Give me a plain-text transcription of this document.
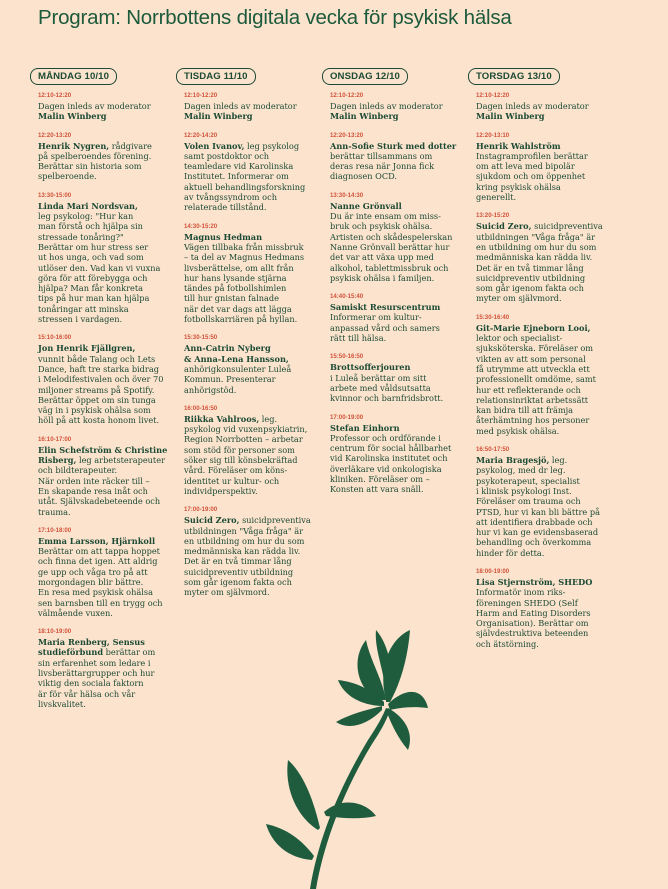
Program: Norrbottens digitala vecka för psykisk hälsa
MÅNDAG 10/10
12:10-12:20
Dagen inleds av moderator
Malin Winberg
12:20-13:20
Henrik Nygren, rådgivare
på spelberoendes förening.
Berättar sin historia som
spelberoende.
13:30-15:00
Linda Mari Nordsvan,
leg psykolog: "Hur kan
man förstå och hjälpa sin
stressade tonåring?"
Berättar om hur stress ser
ut hos unga, och vad som
utlöser den. Vad kan vi vuxna
göra för att förebygga och
hjälpa? Man får konkreta
tips på hur man kan hjälpa
tonåringar att minska
stressen i vardagen.
15:10-16:00
Jon Henrik Fjällgren,
vunnit både Talang och Lets
Dance, haft tre starka bidrag
i Melodifestivalen och över 70
miljoner streams på Spotify.
Berättar öppet om sin tunga
väg in i psykisk ohälsa som
höll på att kosta honom livet.
16:10-17:00
Elin Schefström & Christine
Risberg, leg arbetsterapeuter
och bildterapeuter.
När orden inte räcker till –
En skapande resa inåt och
utåt. Självskadebeteende och
trauma.
17:10-18:00
Emma Larsson, Hjärnkoll
Berättar om att tappa hoppet
och finna det igen. Att aldrig
ge upp och våga tro på att
morgondagen blir bättre.
En resa med psykisk ohälsa
sen barnsben till en trygg och
välmående vuxen.
18:10-19:00
Maria Renberg, Sensus
studieförbund berättar om
sin erfarenhet som ledare i
livsberättargrupper och hur
viktig den sociala faktorn
är för vår hälsa och vår
livskvalitet.
TISDAG 11/10
12:10-12:20
Dagen inleds av moderator
Malin Winberg
12:20-14:20
Volen Ivanov, leg psykolog
samt postdoktor och
teamledare vid Karolinska
Institutet. Informerar om
aktuell behandlingsforskning
av tvångssyndrom och
relaterade tillstånd.
14:30-15:20
Magnus Hedman
Vägen tillbaka från missbruk
– ta del av Magnus Hedmans
livsberättelse, om allt från
hur hans lysande stjärna
tändes på fotbollshimlen
till hur gnistan falnade
när det var dags att lägga
fotbollskarriären på hyllan.
15:30-15:50
Ann-Catrin Nyberg
& Anna-Lena Hansson,
anhörigkonsulenter Luleå
Kommun. Presenterar
anhörigstöd.
16:00-16:50
Riikka Vahlroos, leg.
psykolog vid vuxenpsykiatrin,
Region Norrbotten – arbetar
som stöd för personer som
söker sig till könsbekräftad
vård. Föreläser om köns-
identitet ur kultur- och
individperspektiv.
17:00-19:00
Suicid Zero, suicidpreventiva
utbildningen "Våga fråga" är
en utbildning om hur du som
medmänniska kan rädda liv.
Det är en två timmar lång
suicidpreventiv utbildning
som går igenom fakta och
myter om självmord.
ONSDAG 12/10
12:10-12:20
Dagen inleds av moderator
Malin Winberg
12:20-13:20
Ann-Sofie Sturk med dotter
berättar tillsammans om
deras resa när Jonna fick
diagnosen OCD.
13:30-14:30
Nanne Grönvall
Du är inte ensam om miss-
bruk och psykisk ohälsa.
Artisten och skådespelerskan
Nanne Grönvall berättar hur
det var att växa upp med
alkohol, tablettmissbruk och
psykisk ohälsa i familjen.
14:40-15:40
Samiskt Resurscentrum
Informerar om kultur-
anpassad vård och samers
rätt till hälsa.
15:50-16:50
Brottsofferjouren
i Luleå berättar om sitt
arbete med våldsutsatta
kvinnor och barnfridsbrott.
17:00-19:00
Stefan Einhorn
Professor och ordförande i
centrum för social hållbarhet
vid Karolinska institutet och
överläkare vid onkologiska
kliniken. Föreläser om –
Konsten att vara snäll.
TORSDAG 13/10
12:10-12:20
Dagen inleds av moderator
Malin Winberg
12:20-13:10
Henrik Wahlström
Instagramprofilen berättar
om att leva med bipolär
sjukdom och om öppenhet
kring psykisk ohälsa
generellt.
13:20-15:20
Suicid Zero, suicidpreventiva
utbildningen "Våga fråga" är
en utbildning om hur du som
medmänniska kan rädda liv.
Det är en två timmar lång
suicidpreventiv utbildning
som går igenom fakta och
myter om självmord.
15:30-16:40
Git-Marie Ejneborn Looi,
lektor och specialist-
sjuksköterska. Föreläser om
vikten av att som personal
få utrymme att utveckla ett
professionellt omdöme, samt
hur ett reflekterande och
relationsinriktat arbetssätt
kan bidra till att främja
återhämtning hos personer
med psykisk ohälsa.
16:50-17:50
Maria Bragesjö, leg.
psykolog, med dr leg.
psykoterapeut, specialist
i klinisk psykologi Inst.
Föreläser om trauma och
PTSD, hur vi kan bli bättre på
att identifiera drabbade och
hur vi kan ge evidensbaserad
behandling och överkomma
hinder för detta.
18:00-19:00
Lisa Stjernström, SHEDO
Informatör inom riks-
föreningen SHEDO (Self
Harm and Eating Disorders
Organisation). Berättar om
självdestruktiva beteenden
och ätstörning.
